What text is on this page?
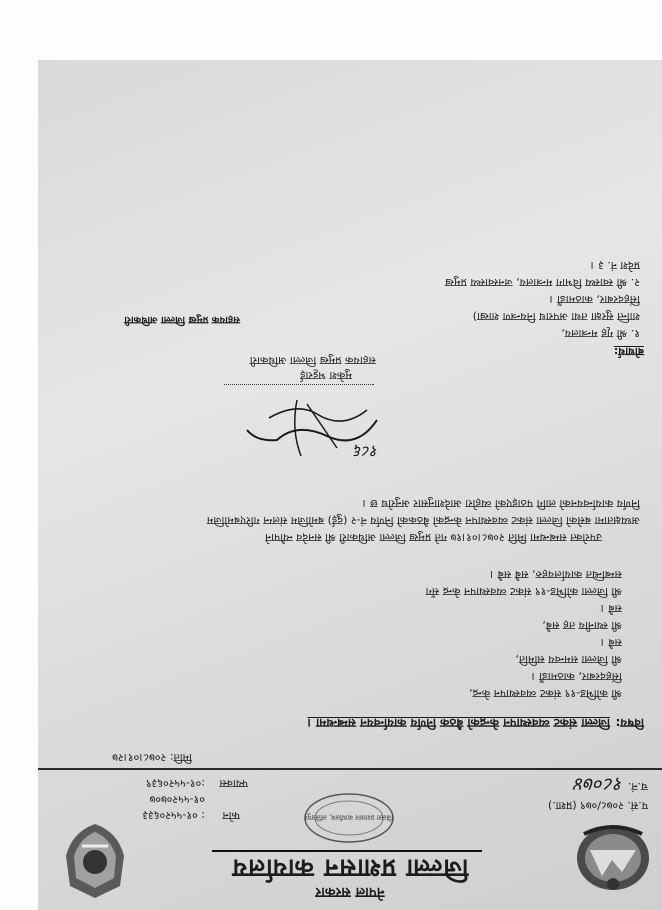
नेपाल सरकार
जिल्ला प्रशासन कार्यालय
जिल्ला प्रशासन कार्यालय, ललितपुर
फोन
: ०१-५५२०६३३
०१-५५२०७०७
फ्याक्स
:०१-५५२०६३९
प.सं. २०७८/०७९ (प्रशा.)
च.नं.
१८०७४
मिति: २०७८।०१।२७
विषय:
जिल्ला संकट व्यवस्थापन केन्द्रको बैठक निर्णय कार्यान्वयन सम्बन्धमा ।
श्री कोभिड-१९ संकट व्यवस्थापन केन्द्र,
सिंहदरबार, काठमाडौं ।
श्री जिल्ला समन्वय समिति,
सबै ।
श्री स्थानीय तह सबै,
सबै ।
श्री जिल्ला कोभिड-१९ संकट व्यवस्थापन केन्द्र सँग
सम्बन्धित कार्यालयहरु, सबै सबै ।
उपरोक्त सम्बन्धमा मिति २०७८।०१।१७ गते प्रमुख जिल्ला अधिकारी श्री सनदेव न्यौपाने
अध्यक्षतामा बसेको जिल्ला संकट व्यवस्थापन केन्द्रको बैठकको निर्णय नं-२ (दुई) बमोजिम संलग्न गरिएबमोजिम
निर्णय कार्यान्वयनको लागि पठाइएको व्यहोरा आदेशानुसार अनुरोध छ ।
१८६
मुकेश भट्टराई
सहायक प्रमुख जिल्ला अधिकारी
बोधार्थ:
१. श्री गृह मन्त्रालय,
शान्ति सुरक्षा तथा अपराध नियन्त्रण शाखा)
सिंहदरबार, काठमाडौं ।
२. श्री स्वास्थ्य विभाग मन्त्रालय, जनस्वास्थ्य प्रमुख
प्रदेश नं. ३ ।
सहायक प्रमुख जिल्ला अधिकारी
